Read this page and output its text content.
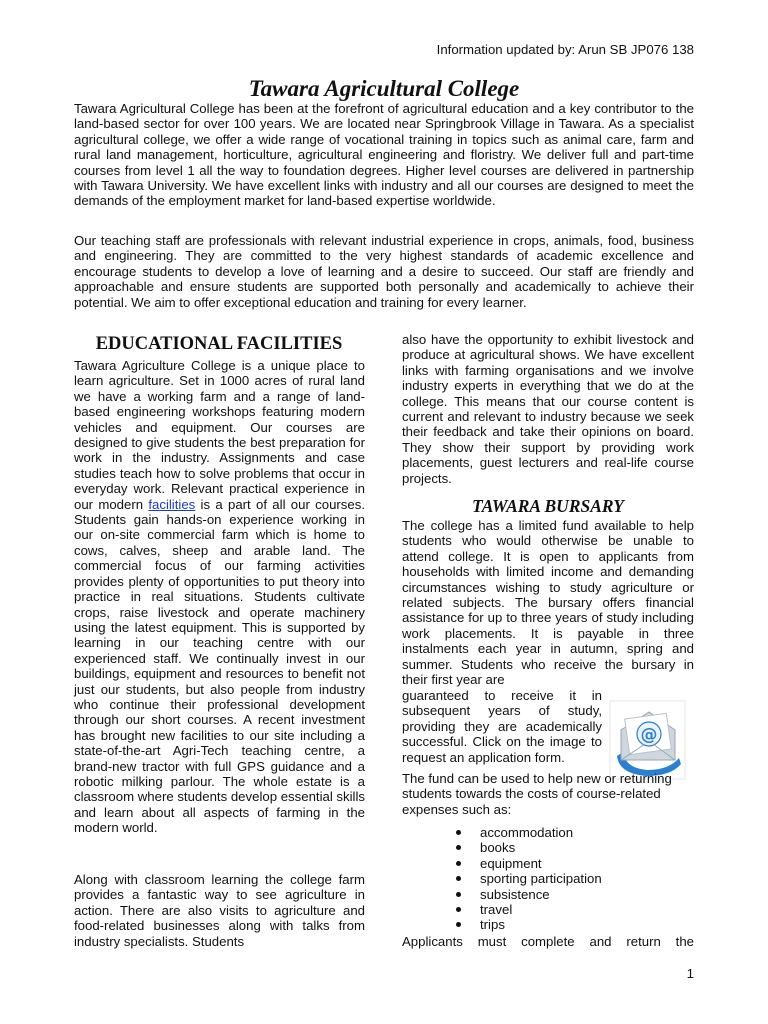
Information updated by: Arun SB JP076 138
Tawara Agricultural College

Tawara Agricultural College has been at the forefront of agricultural education and a key contributor to the land-based sector for over 100 years. We are located near Springbrook Village in Tawara. As a specialist agricultural college, we offer a wide range of vocational training in topics such as animal care, farm and rural land management, horticulture, agricultural engineering and floristry. We deliver full and part-time courses from level 1 all the way to foundation degrees. Higher level courses are delivered in partnership with Tawara University. We have excellent links with industry and all our courses are designed to meet the demands of the employment market for land-based expertise worldwide.

Our teaching staff are professionals with relevant industrial experience in crops, animals, food, business and engineering. They are committed to the very highest standards of academic excellence and encourage students to develop a love of learning and a desire to succeed. Our staff are friendly and approachable and ensure students are supported both personally and academically to achieve their potential. We aim to offer exceptional education and training for every learner.

EDUCATIONAL FACILITIES

Tawara Agriculture College is a unique place to learn agriculture. Set in 1000 acres of rural land we have a working farm and a range of land-based engineering workshops featuring modern vehicles and equipment. Our courses are designed to give students the best preparation for work in the industry. Assignments and case studies teach how to solve problems that occur in everyday work. Relevant practical experience in our modern facilities is a part of all our courses. Students gain hands-on experience working in our on-site commercial farm which is home to cows, calves, sheep and arable land. The commercial focus of our farming activities provides plenty of opportunities to put theory into practice in real situations. Students cultivate crops, raise livestock and operate machinery using the latest equipment. This is supported by learning in our teaching centre with our experienced staff. We continually invest in our buildings, equipment and resources to benefit not just our students, but also people from industry who continue their professional development through our short courses. A recent investment has brought new facilities to our site including a state-of-the-art Agri-Tech teaching centre, a brand-new tractor with full GPS guidance and a robotic milking parlour. The whole estate is a classroom where students develop essential skills and learn about all aspects of farming in the modern world.

Along with classroom learning the college farm provides a fantastic way to see agriculture in action. There are also visits to agriculture and food-related businesses along with talks from industry specialists. Students

also have the opportunity to exhibit livestock and produce at agricultural shows. We have excellent links with farming organisations and we involve industry experts in everything that we do at the college. This means that our course content is current and relevant to industry because we seek their feedback and take their opinions on board. They show their support by providing work placements, guest lecturers and real-life course projects.

TAWARA BURSARY

The college has a limited fund available to help students who would otherwise be unable to attend college. It is open to applicants from households with limited income and demanding circumstances wishing to study agriculture or related subjects. The bursary offers financial assistance for up to three years of study including work placements. It is payable in three instalments each year in autumn, spring and summer. Students who receive the bursary in their first year are

guaranteed to receive it in subsequent years of study, providing they are academically successful. Click on the image to request an application form.

@

The fund can be used to help new or returning students towards the costs of course-related expenses such as:

accommodation
books
equipment
sporting participation
subsistence
travel
trips

Applicants must complete and return the

1
